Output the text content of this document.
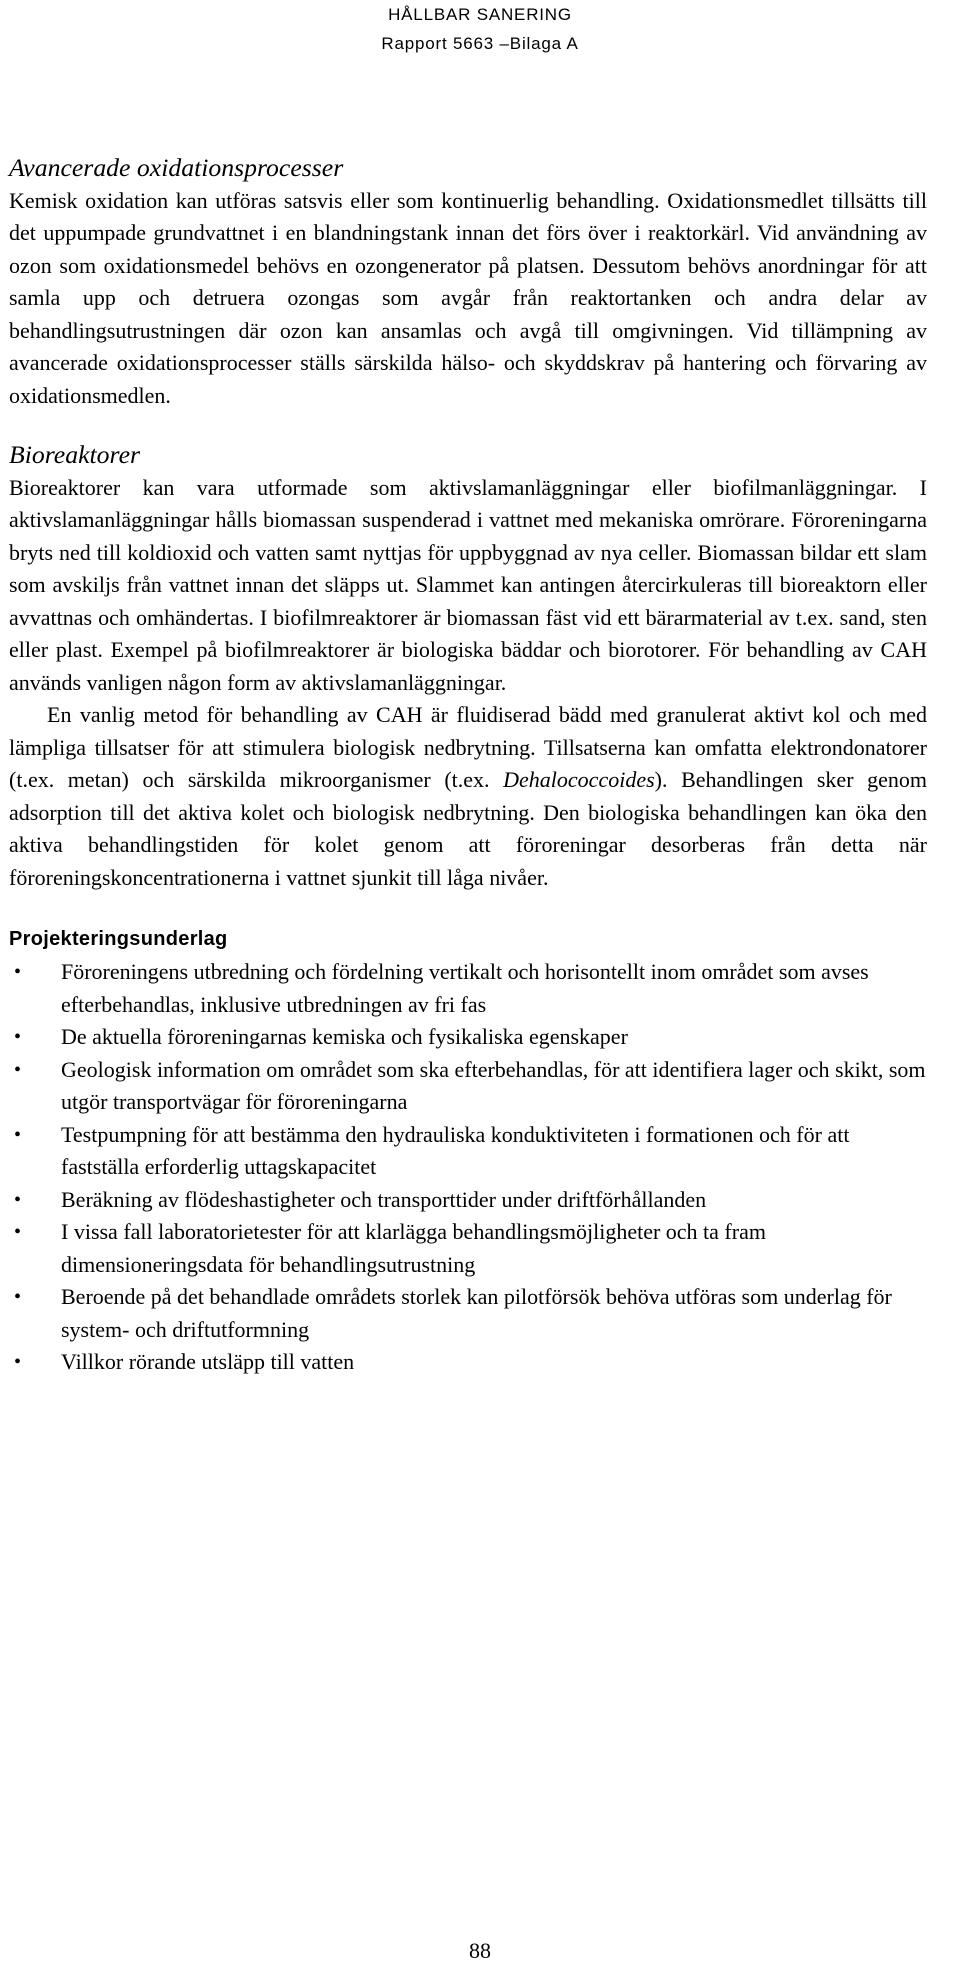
HÅLLBAR SANERING
Rapport 5663 –Bilaga A
Avancerade oxidationsprocesser

Kemisk oxidation kan utföras satsvis eller som kontinuerlig behandling. Oxidationsmedlet tillsätts till det uppumpade grundvattnet i en blandningstank innan det förs över i reaktorkärl. Vid användning av ozon som oxidationsmedel behövs en ozongenerator på platsen. Dessutom behövs anordningar för att samla upp och detruera ozongas som avgår från reaktortanken och andra delar av behandlingsutrustningen där ozon kan ansamlas och avgå till omgivningen. Vid tillämpning av avancerade oxidationsprocesser ställs särskilda hälso- och skyddskrav på hantering och förvaring av oxidationsmedlen.

Bioreaktorer

Bioreaktorer kan vara utformade som aktivslamanläggningar eller biofilmanläggningar. I aktivslamanläggningar hålls biomassan suspenderad i vattnet med mekaniska omrörare. Föroreningarna bryts ned till koldioxid och vatten samt nyttjas för uppbyggnad av nya celler. Biomassan bildar ett slam som avskiljs från vattnet innan det släpps ut. Slammet kan antingen återcirkuleras till bioreaktorn eller avvattnas och omhändertas. I biofilmreaktorer är biomassan fäst vid ett bärarmaterial av t.ex. sand, sten eller plast. Exempel på biofilmreaktorer är biologiska bäddar och biorotorer. För behandling av CAH används vanligen någon form av aktivslamanläggningar.

En vanlig metod för behandling av CAH är fluidiserad bädd med granulerat aktivt kol och med lämpliga tillsatser för att stimulera biologisk nedbrytning. Tillsatserna kan omfatta elektrondonatorer (t.ex. metan) och särskilda mikroorganismer (t.ex. Dehalococcoides). Behandlingen sker genom adsorption till det aktiva kolet och biologisk nedbrytning. Den biologiska behandlingen kan öka den aktiva behandlingstiden för kolet genom att föroreningar desorberas från detta när föroreningskoncentrationerna i vattnet sjunkit till låga nivåer.

Projekteringsunderlag
• Föroreningens utbredning och fördelning vertikalt och horisontellt inom området som avses efterbehandlas, inklusive utbredningen av fri fas
• De aktuella föroreningarnas kemiska och fysikaliska egenskaper
• Geologisk information om området som ska efterbehandlas, för att identifiera lager och skikt, som utgör transportvägar för föroreningarna
• Testpumpning för att bestämma den hydrauliska konduktiviteten i formationen och för att fastställa erforderlig uttagskapacitet
• Beräkning av flödeshastigheter och transporttider under driftförhållanden
• I vissa fall laboratorietester för att klarlägga behandlingsmöjligheter och ta fram dimensioneringsdata för behandlingsutrustning
• Beroende på det behandlade områdets storlek kan pilotförsök behöva utföras som underlag för system- och driftutformning
• Villkor rörande utsläpp till vatten
88
